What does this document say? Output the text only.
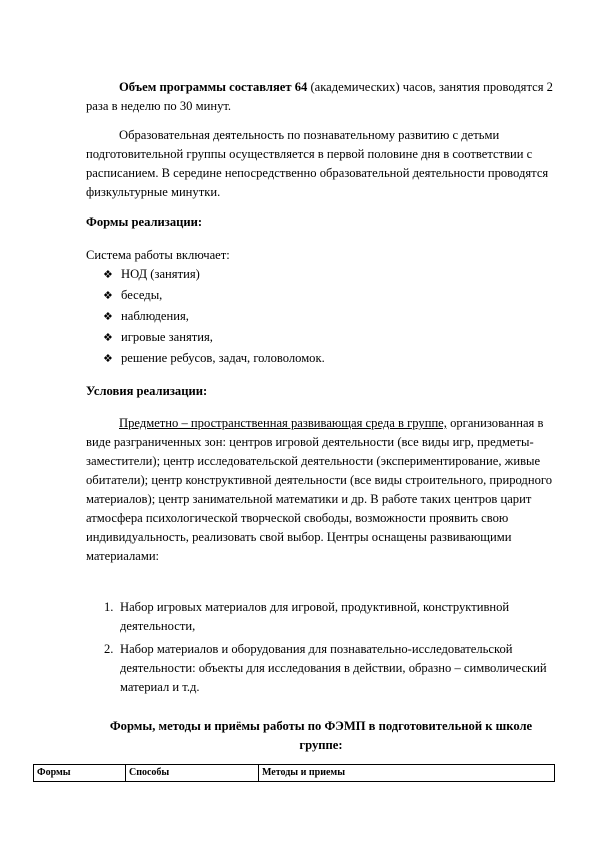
Объем программы составляет 64 (академических) часов, занятия проводятся 2 раза в неделю по 30 минут.

Образовательная деятельность по познавательному развитию с детьми подготовительной группы осуществляется в первой половине дня в соответствии с расписанием. В середине непосредственно образовательной деятельности проводятся физкультурные минутки.

Формы реализации:

Система работы включает:

❖ НОД (занятия)
❖ беседы,
❖ наблюдения,
❖ игровые занятия,
❖ решение ребусов, задач, головоломок.

Условия реализации:

Предметно – пространственная развивающая среда в группе, организованная в виде разграниченных зон: центров игровой деятельности (все виды игр, предметы-заместители); центр исследовательской деятельности (экспериментирование, живые обитатели); центр конструктивной деятельности (все виды строительного, природного материалов); центр занимательной математики и др. В работе таких центров царит атмосфера психологической творческой свободы, возможности проявить свою индивидуальность, реализовать свой выбор. Центры оснащены развивающими материалами:

1. Набор игровых материалов для игровой, продуктивной, конструктивной деятельности,
2. Набор материалов и оборудования для познавательно-исследовательской деятельности: объекты для исследования в действии, образно – символический материал и т.д.

Формы, методы и приёмы работы по ФЭМП в подготовительной к школе

группе:

Формы	Способы	Методы и приемы
